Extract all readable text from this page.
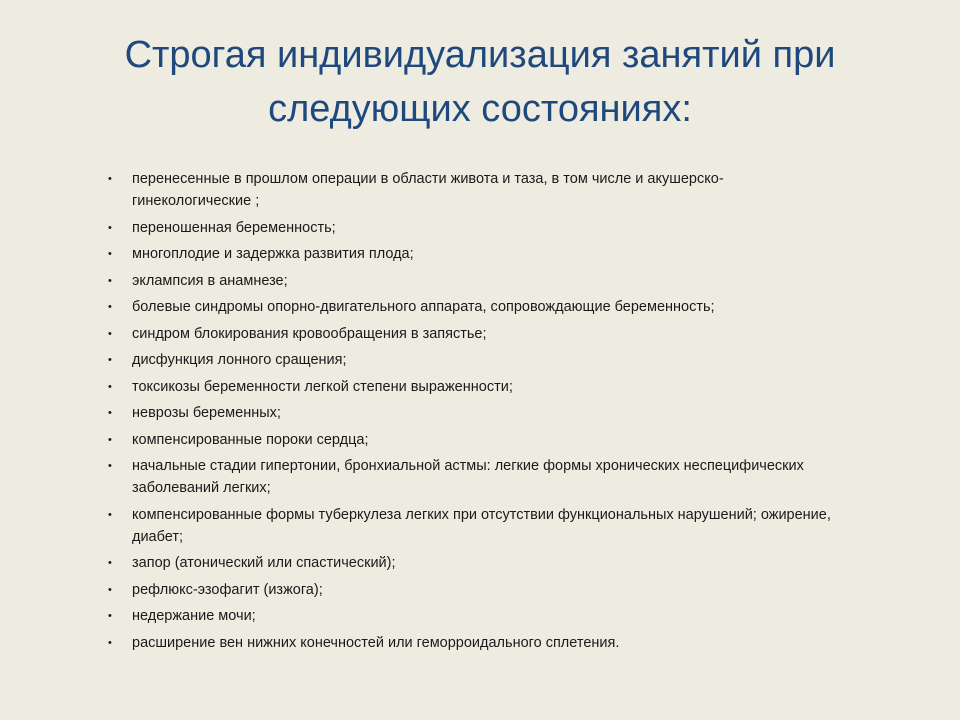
Строгая индивидуализация занятий при
следующих состояниях:
• перенесенные в прошлом операции в области живота и таза, в том числе и акушерско-
гинекологические ;
• переношенная беременность;
• многоплодие и задержка развития плода;
• эклампсия в анамнезе;
• болевые синдромы опорно-двигательного аппарата, сопровождающие беременность;
• синдром блокирования кровообращения в запястье;
• дисфункция лонного сращения;
• токсикозы беременности легкой степени выраженности;
• неврозы беременных;
• компенсированные пороки сердца;
• начальные стадии гипертонии, бронхиальной астмы: легкие формы хронических неспецифических
заболеваний легких;
• компенсированные формы туберкулеза легких при отсутствии функциональных нарушений; ожирение,
диабет;
• запор (атонический или спастический);
• рефлюкс-эзофагит (изжога);
• недержание мочи;
• расширение вен нижних конечностей или геморроидального сплетения.
